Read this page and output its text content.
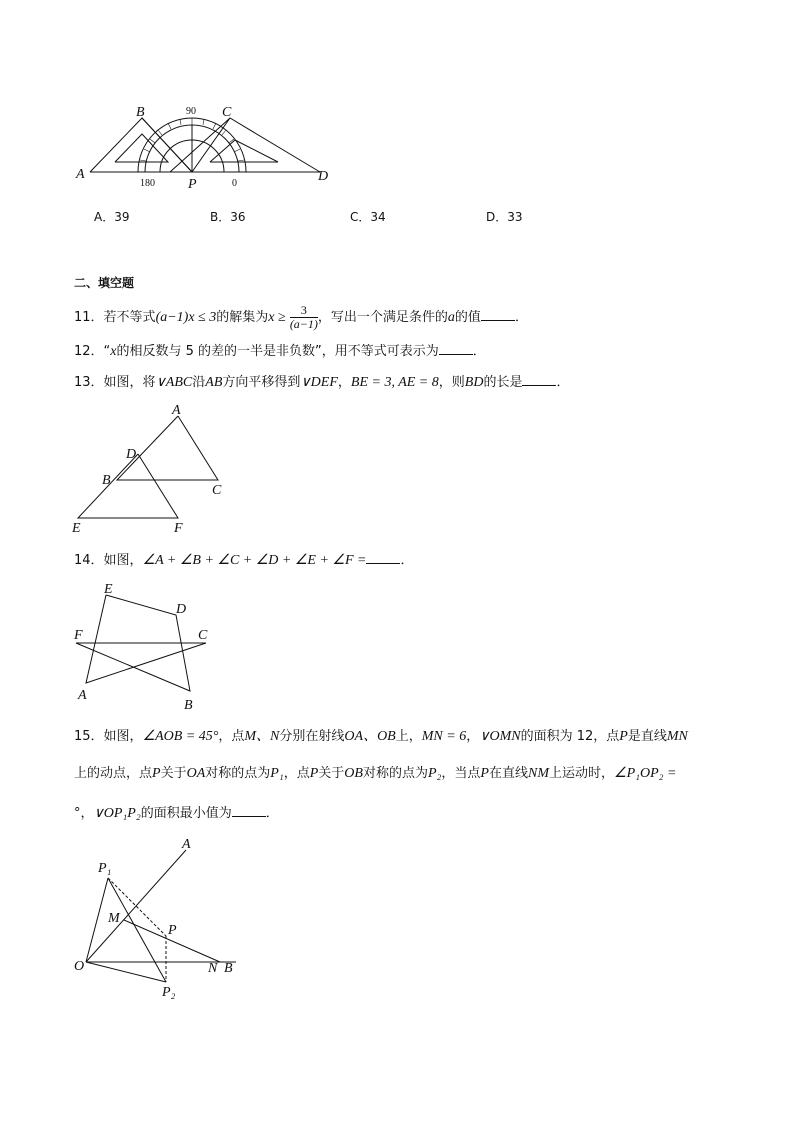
A
B	C
D
P
90
180	0
A．39	B．36	C．34	D．33
二、填空题
11．若不等式(a−1)x ≤ 3的解集为$x \ge \frac{3}{(a-1)}$ ，写出一个满足条件的a的值	．
12．“x的相反数与 5 的差的一半是非负数”，用不等式可表示为	．
13．如图，将∨ABC沿AB方向平移得到∨DEF，BE = 3, AE = 8，则BD的长是	．
A
D
B
C
E	F
14．如图，∠A + ∠B + ∠C + ∠D + ∠E + ∠F =	．
E
D
F	C
A
B
15．如图，∠AOB = 45°，点M、N分别在射线OA、OB上，MN = 6，∨OMN的面积为 12，点P是直线MN
上的动点，点P关于OA对称的点为P₁，点P关于OB对称的点为P₂，当点P在直线NM上运动时，∠P₁OP₂ =
°，∨OP₁P₂的面积最小值为	．
A
P₁
M
P
O	N B
P₂
